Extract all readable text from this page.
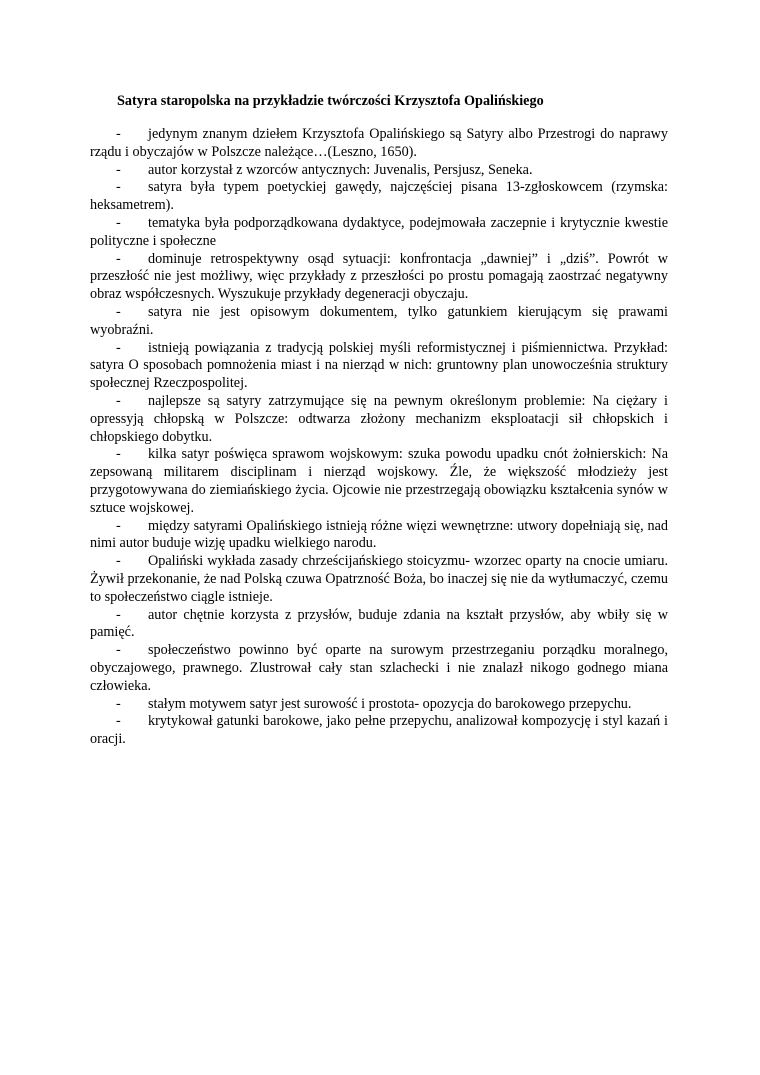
Satyra staropolska na przykładzie twórczości Krzysztofa Opalińskiego

- jedynym znanym dziełem Krzysztofa Opalińskiego są Satyry albo Przestrogi do naprawy rządu i obyczajów w Polszcze należące…(Leszno, 1650).

- autor korzystał z wzorców antycznych: Juvenalis, Persjusz, Seneka.

- satyra była typem poetyckiej gawędy, najczęściej pisana 13-zgłoskowcem (rzymska: heksametrem).

- tematyka była podporządkowana dydaktyce, podejmowała zaczepnie i krytycznie kwestie polityczne i społeczne

- dominuje retrospektywny osąd sytuacji: konfrontacja „dawniej” i „dziś”. Powrót w przeszłość nie jest możliwy, więc przykłady z przeszłości po prostu pomagają zaostrzać negatywny obraz współczesnych. Wyszukuje przykłady degeneracji obyczaju.

- satyra nie jest opisowym dokumentem, tylko gatunkiem kierującym się prawami wyobraźni.

- istnieją powiązania z tradycją polskiej myśli reformistycznej i piśmiennictwa. Przykład: satyra O sposobach pomnożenia miast i na nierząd w nich: gruntowny plan unowocześnia struktury społecznej Rzeczpospolitej.

- najlepsze są satyry zatrzymujące się na pewnym określonym problemie: Na ciężary i opressyją chłopską w Polszcze: odtwarza złożony mechanizm eksploatacji sił chłopskich i chłopskiego dobytku.

- kilka satyr poświęca sprawom wojskowym: szuka powodu upadku cnót żołnierskich: Na zepsowaną militarem disciplinam i nierząd wojskowy. Źle, że większość młodzieży jest przygotowywana do ziemiańskiego życia. Ojcowie nie przestrzegają obowiązku kształcenia synów w sztuce wojskowej.

- między satyrami Opalińskiego istnieją różne więzi wewnętrzne: utwory dopełniają się, nad nimi autor buduje wizję upadku wielkiego narodu.

- Opaliński wykłada zasady chrześcijańskiego stoicyzmu- wzorzec oparty na cnocie umiaru. Żywił przekonanie, że nad Polską czuwa Opatrzność Boża, bo inaczej się nie da wytłumaczyć, czemu to społeczeństwo ciągle istnieje.

- autor chętnie korzysta z przysłów, buduje zdania na kształt przysłów, aby wbiły się w pamięć.

- społeczeństwo powinno być oparte na surowym przestrzeganiu porządku moralnego, obyczajowego, prawnego. Zlustrował cały stan szlachecki i nie znalazł nikogo godnego miana człowieka.

- stałym motywem satyr jest surowość i prostota- opozycja do barokowego przepychu.

- krytykował gatunki barokowe, jako pełne przepychu, analizował kompozycję i styl kazań i oracji.
